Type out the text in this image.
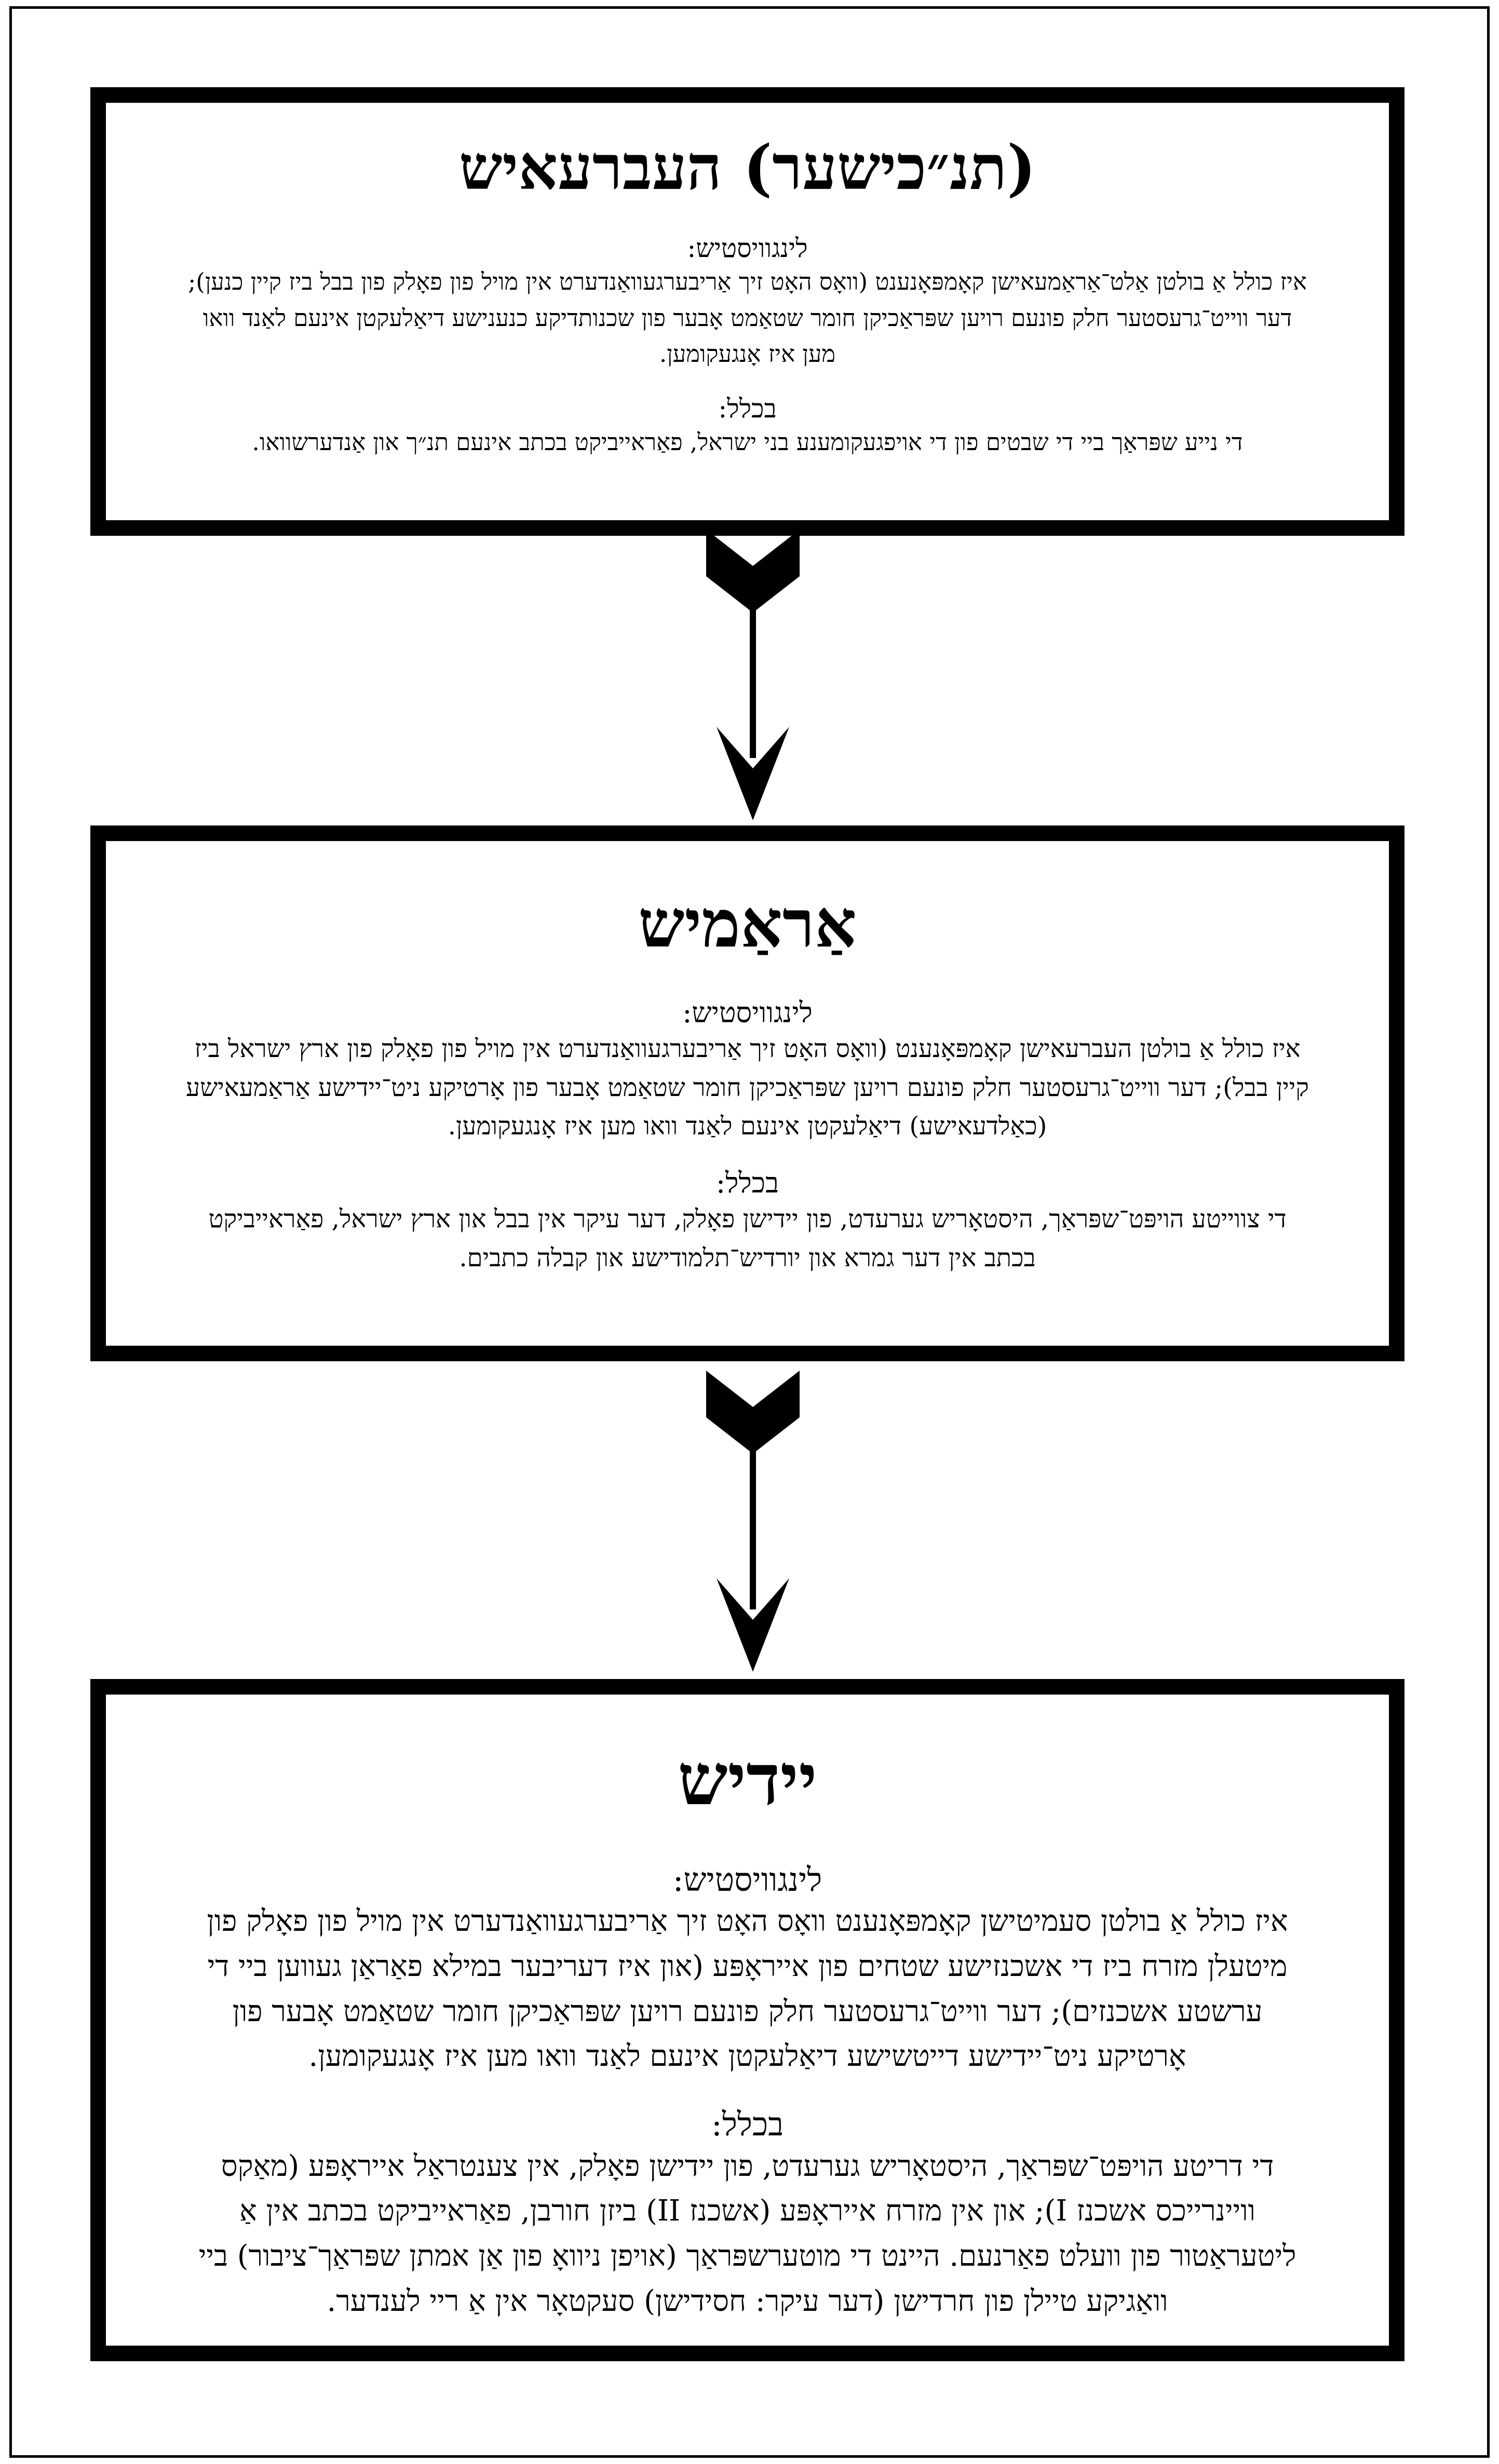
(תנ״כישער) העברעאיש
לינגוויסטיש:

איז כולל אַ בולטן אַלט־אַראַמעאישן קאָמפּאָנענט (וואָס האָט זיך אַריבערגעוואַנדערט אין מויל פון פאָלק פון בבל ביז קיין כנען); דער ווייט־גרעסטער חלק פונעם רויען שפּראַכיקן חומר שטאַמט אָבער פון שכנותדיקע כנענישע דיאַלעקטן אינעם לאַנד וואו מען איז אָנגעקומען.

בכלל:

די נייע שפּראַך ביי די שבטים פון די אויפגעקומענע בני ישראל, פאַראייביקט בכתב אינעם תנ״ך און אַנדערשוואו.

אַראַמיש
לינגוויסטיש:

איז כולל אַ בולטן העברעאישן קאָמפּאָנענט (וואָס האָט זיך אַריבערגעוואַנדערט אין מויל פון פאָלק פון ארץ ישראל ביז קיין בבל); דער ווייט־גרעסטער חלק פונעם רויען שפּראַכיקן חומר שטאַמט אָבער פון אָרטיקע ניט־יידישע אַראַמעאישע (כאַלדעאישע) דיאַלעקטן אינעם לאַנד וואו מען איז אָנגעקומען.

בכלל:

די צווייטע הויפּט־שפּראַך, היסטאָריש גערעדט, פון יידישן פאָלק, דער עיקר אין בבל און ארץ ישראל, פאַראייביקט בכתב אין דער גמרא און יורדיש־תלמודישע און קבלה כתבים.

יידיש
לינגוויסטיש:

איז כולל אַ בולטן סעמיטישן קאָמפּאָנענט וואָס האָט זיך אַריבערגעוואַנדערט אין מויל פון פאָלק פון מיטעלן מזרח ביז די אשכנזישע שטחים פון אייראָפּע (און איז דעריבער במילא פאַראַן געווען ביי די ערשטע אשכנזים); דער ווייט־גרעסטער חלק פונעם רויען שפּראַכיקן חומר שטאַמט אָבער פון אָרטיקע ניט־יידישע דייטשישע דיאַלעקטן אינעם לאַנד וואו מען איז אָנגעקומען.

בכלל:

די דריטע הויפּט־שפּראַך, היסטאָריש גערעדט, פון יידישן פאָלק, אין צענטראַל אייראָפּע (מאַקס וויינרייכס אשכנז I); און אין מזרח אייראָפּע (אשכנז II) ביזן חורבן, פאַראייביקט בכתב אין אַ ליטעראַטור פון וועלט פאַרנעם. היינט די מוטערשפּראַך (אויפן ניוואָ פון אַן אמתן שפּראַך־ציבור) ביי וואַגיקע טיילן פון חרדישן (דער עיקר: חסידישן) סעקטאָר אין אַ ריי לענדער.
